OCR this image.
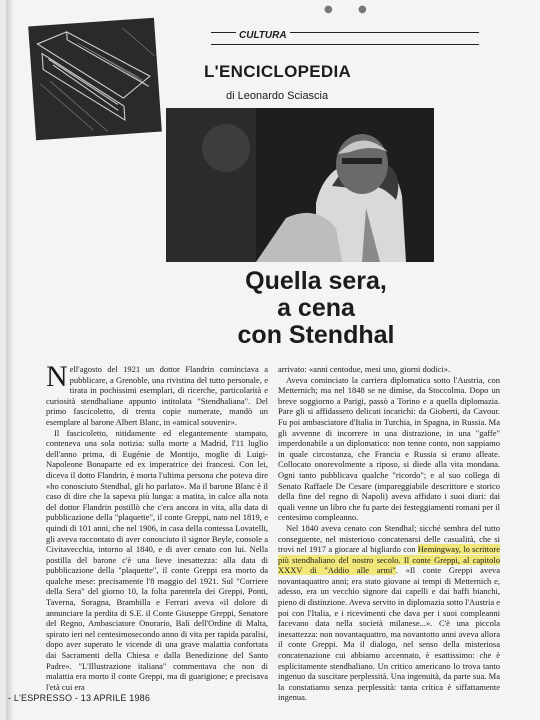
●	●
CULTURA
L'ENCICLOPEDIA
di Leonardo Sciascia
Quella sera,
a cena
con Stendhal

Nell'agosto del 1921 un dottor Flandrin cominciava a pubblicare, a Grenoble, una rivistina del tutto personale, e tirata in pochissimi esemplari, di ricerche, particolarità e curiosità stendhaliane appunto intitolata "Stendhaliana". Del primo fascicoletto, di trenta copie numerate, mandò un esemplare al barone Albert Blanc, in «amical souvenir».

Il fascicoletto, nitidamente ed elegantemente stampato, conteneva una sola notizia: sulla morte a Madrid, l'11 luglio dell'anno prima, di Eugénie de Montijo, moglie di Luigi-Napoleone Bonaparte ed ex imperatrice dei francesi. Con lei, diceva il dotto Flandrin, è morta l'ultima persona che poteva dire «ho conosciuto Stendhal, gli ho parlato». Ma il barone Blanc è il caso di dire che la sapeva più lunga: a matita, in calce alla nota del dottor Flandrin postillò che c'era ancora in vita, alla data di pubblicazione della "plaquette", il conte Greppi, nato nel 1819, e quindi di 101 anni, che nel 1906, in casa della contessa Lovatelli, gli aveva raccontato di aver conosciuto il signor Beyle, console a Civitavecchia, intorno al 1840, e di aver cenato con lui. Nella postilla del barone c'è una lieve inesattezza: alla data di pubblicazione della "plaquette", il conte Greppi era morto da qualche mese: precisamente l'8 maggio del 1921. Sul "Corriere della Sera" del giorno 10, la folta parentela dei Greppi, Ponti, Taverna, Soragna, Brambilla e Ferrari aveva «il dolore di annunciare la perdita di S.E. il Conte Giuseppe Greppi, Senatore del Regno, Ambasciatore Onorario, Balì dell'Ordine di Malta, spirato ieri nel centesimosecondo anno di vita per rapida paralisi, dopo aver superato le vicende di una grave malattia confortata dai Sacramenti della Chiesa e dalla Benedizione del Santo Padre». "L'Illustrazione italiana" commentava che non di malattia era morto il conte Greppi, ma di guarigione; e precisava l'età cui era

arrivato: «anni centodue, mesi uno, giorni dodici».

Aveva cominciato la carriera diplomatica sotto l'Austria, con Metternich; ma nel 1848 se ne dimise, da Stoccolma. Dopo un breve soggiorno a Parigi, passò a Torino e a quella diplomazia. Pare gli si affidassero delicati incarichi: da Gioberti, da Cavour. Fu poi ambasciatore d'Italia in Turchia, in Spagna, in Russia. Ma gli avvenne di incorrere in una distrazione, in una "gaffe" imperdonabile a un diplomatico: non tenne conto, non sappiamo in quale circostanza, che Francia e Russia si erano alleate. Collocato onorevolmente a riposo, si diede alla vita mondana. Ogni tanto pubblicava qualche "ricordo"; e al suo collega di Senato Raffaele De Cesare (impareggiabile descrittore e storico della fine del regno di Napoli) aveva affidato i suoi diari: dai quali venne un libro che fu parte dei festeggiamenti romani per il centesimo compleanno.

Nel 1840 aveva cenato con Stendhal; sicché sembra del tutto conseguente, nel misterioso concatenarsi delle casualità, che si trovi nel 1917 a giocare al bigliardo con Hemingway, lo scrittore più stendhaliano del nostro secolo. Il conte Greppi, al capitolo XXXV di "Addio alle armi". «Il conte Greppi aveva novantaquattro anni; era stato giovane ai tempi di Metternich e, adesso, era un vecchio signore dai capelli e dai baffi bianchi, pieno di distinzione. Aveva servito in diplomazia sotto l'Austria e poi con l'Italia, e i ricevimenti che dava per i suoi compleanni facevano data nella società milanese...». C'è una piccola inesattezza: non novantaquattro, ma novantotto anni aveva allora il conte Greppi. Ma il dialogo, nel senso della misteriosa concatenazione cui abbiamo accennato, è esattissimo: che è esplicitamente stendhaliano. Un critico americano lo trova tanto ingenuo da suscitare perplessità. Una ingenuità, da parte sua. Ma la constatiamo senza perplessità: tanta critica è siffattamente ingenua.

- L'ESPRESSO - 13 APRILE 1986
